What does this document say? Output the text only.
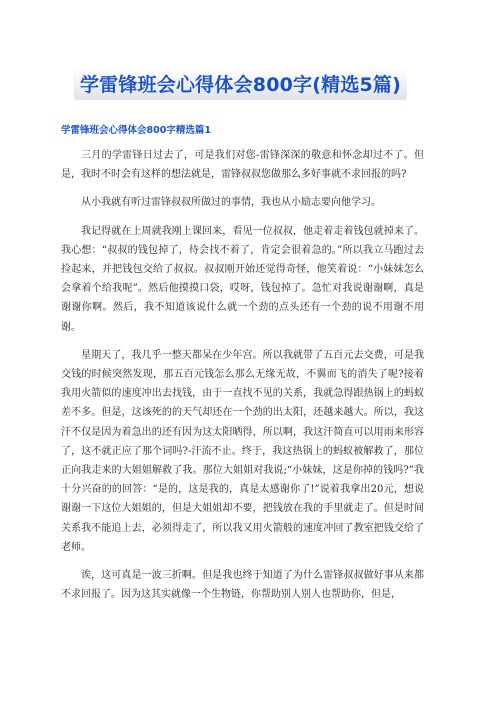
学雷锋班会心得体会800字(精选5篇)
学雷锋班会心得体会800字精选篇1

三月的学雷锋日过去了，可是我们对您-雷锋深深的敬意和怀念却过不了。但是，我时不时会有这样的想法就是，雷锋叔叔您做那么多好事就不求回报的吗?

从小我就有听过雷锋叔叔所做过的事情，我也从小励志要向他学习。

我记得就在上周就我刚上课回来，看见一位叔叔，他走着走着钱包就掉来了。我心想：“叔叔的钱包掉了，待会找不着了，肯定会很着急的。”所以我立马跑过去捡起来，并把钱包交给了叔叔。叔叔刚开始还觉得奇怪，他笑着说：“小妹妹怎么会拿着个给我呢”。然后他摸摸口袋，哎呀，钱包掉了。急忙对我说谢谢啊，真是谢谢你啊。然后，我不知道该说什么就一个劲的点头还有一个劲的说不用谢不用谢。

星期天了，我几乎一整天都呆在少年宫。所以我就带了五百元去交费，可是我交钱的时候突然发现，那五百元钱怎么那么无缘无故，不翼而飞的消失了呢?接着我用火箭似的速度冲出去找钱，由于一直找不见的关系，我就急得跟热锅上的蚂蚁差不多。但是，这该死的的天气却还在一个劲的出太阳，还越来越大。所以，我这汗不仅是因为着急出的还有因为这太阳晒得，所以啊，我这汗简直可以用雨来形容了，这不就正应了那个词吗?-汗流不止。终于，我这热锅上的蚂蚁被解救了，那位正向我走来的大姐姐解救了我。那位大姐姐对我说;“小妹妹，这是你掉的钱吗?”我十分兴奋的的回答：“是的，这是我的，真是太感谢你了!”说着我拿出20元，想说谢谢一下这位大姐姐的，但是大姐姐却不要，把钱放在我的手里就走了。但是时间关系我不能追上去，必须得走了，所以我又用火箭般的速度冲回了教室把钱交给了老师。

诶，这可真是一波三折啊。但是我也终于知道了为什么雷锋叔叔做好事从来都不求回报了。因为这其实就像一个生物链，你帮助别人别人也帮助你，但是，
